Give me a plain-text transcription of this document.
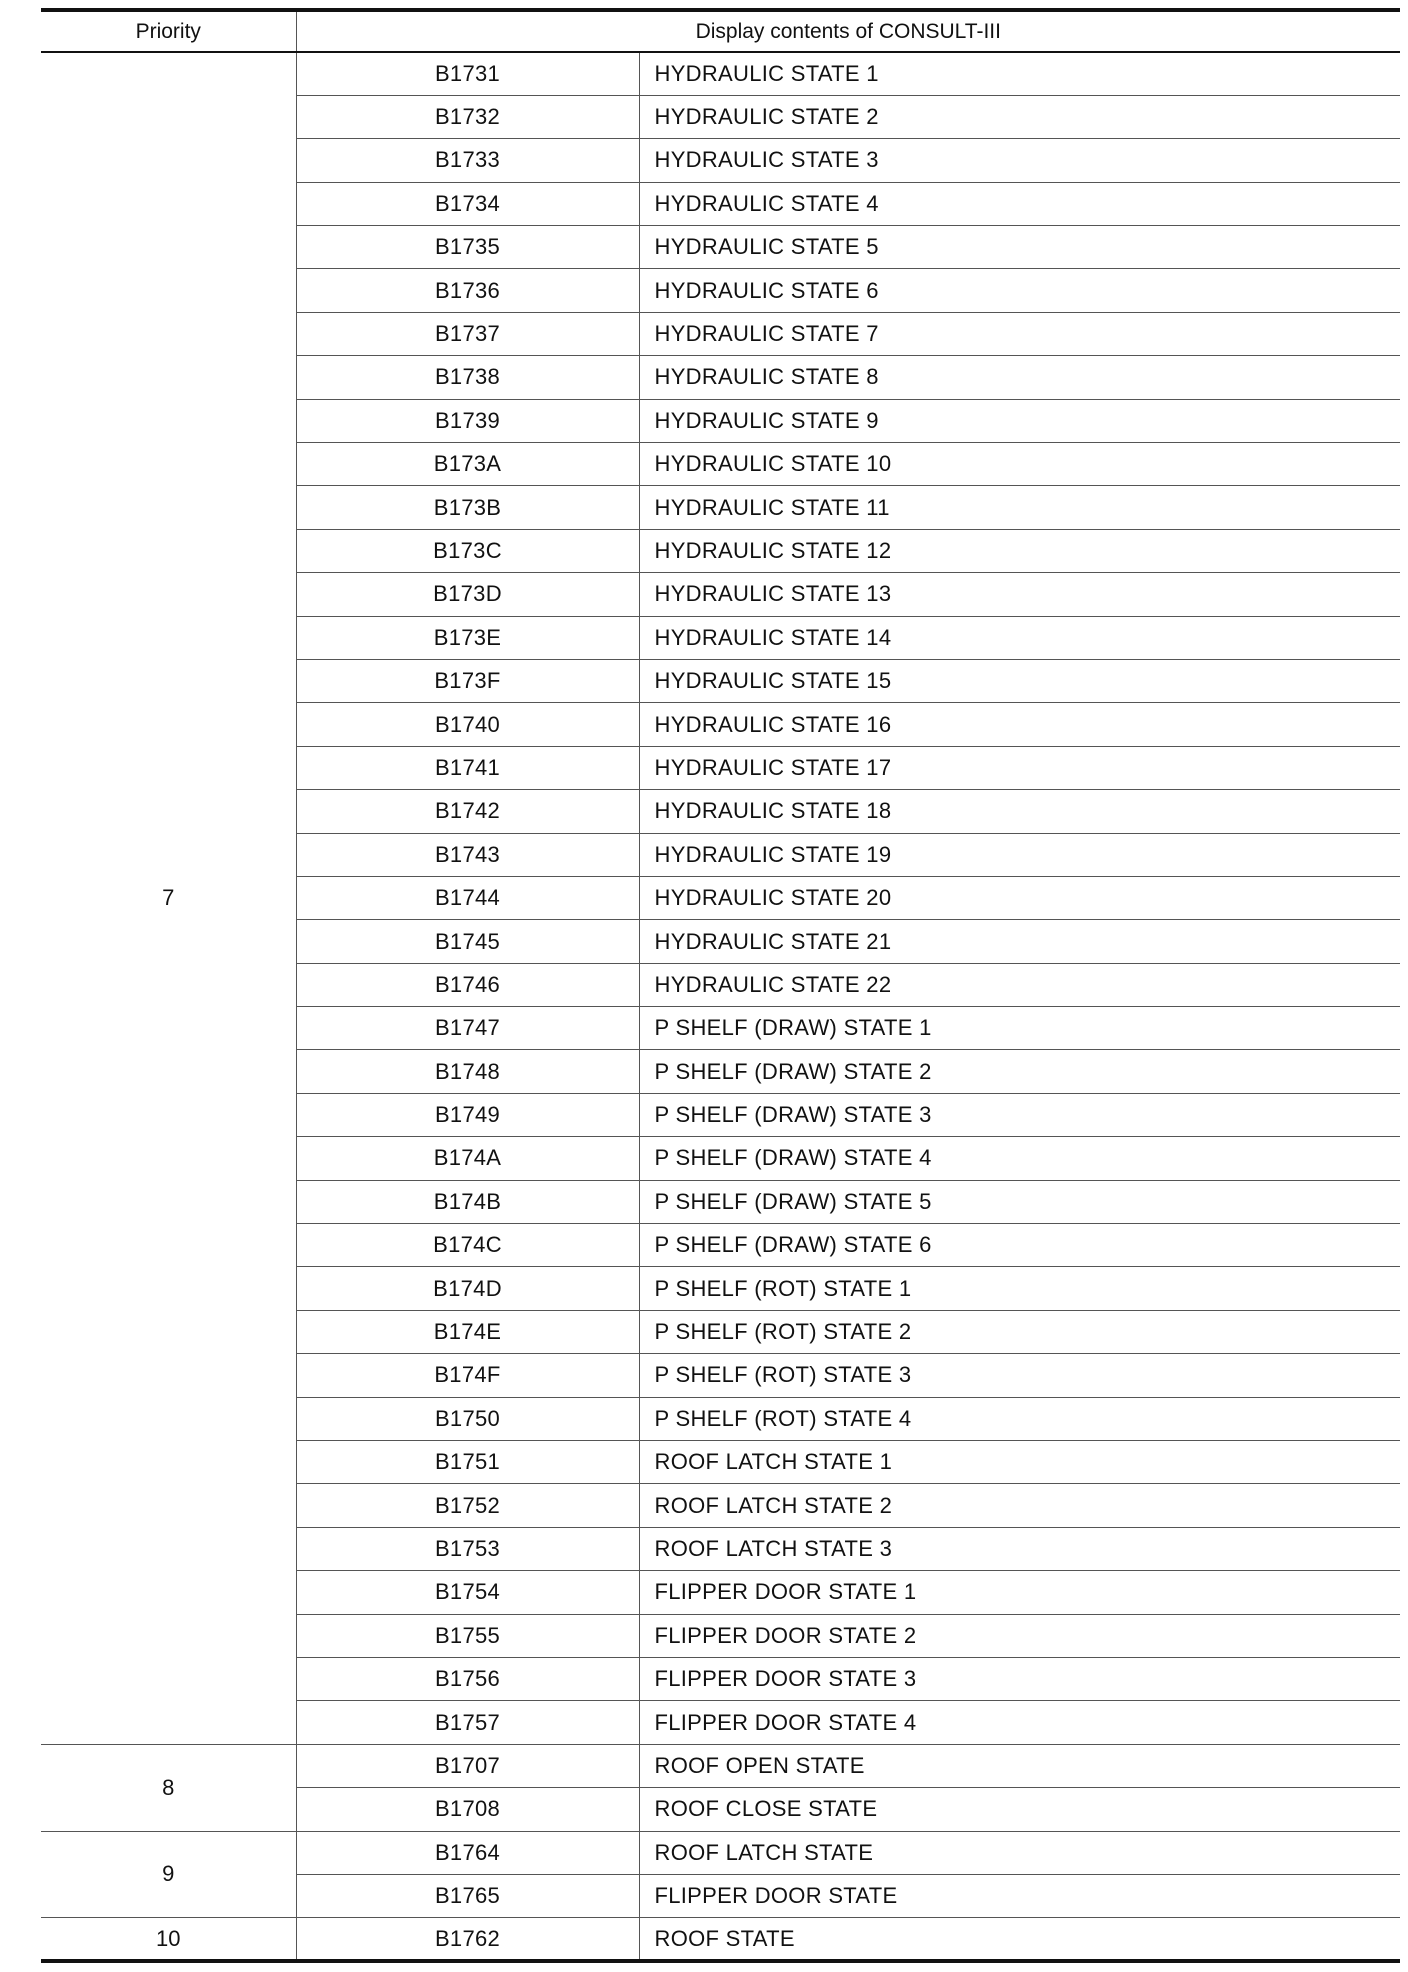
Priority	Display contents of CONSULT-III	
7	B1731	HYDRAULIC STATE 1
	B1732	HYDRAULIC STATE 2
	B1733	HYDRAULIC STATE 3
	B1734	HYDRAULIC STATE 4
	B1735	HYDRAULIC STATE 5
	B1736	HYDRAULIC STATE 6
	B1737	HYDRAULIC STATE 7
	B1738	HYDRAULIC STATE 8
	B1739	HYDRAULIC STATE 9
	B173A	HYDRAULIC STATE 10
	B173B	HYDRAULIC STATE 11
	B173C	HYDRAULIC STATE 12
	B173D	HYDRAULIC STATE 13
	B173E	HYDRAULIC STATE 14
	B173F	HYDRAULIC STATE 15
	B1740	HYDRAULIC STATE 16
	B1741	HYDRAULIC STATE 17
	B1742	HYDRAULIC STATE 18
	B1743	HYDRAULIC STATE 19
	B1744	HYDRAULIC STATE 20
	B1745	HYDRAULIC STATE 21
	B1746	HYDRAULIC STATE 22
	B1747	P SHELF (DRAW) STATE 1
	B1748	P SHELF (DRAW) STATE 2
	B1749	P SHELF (DRAW) STATE 3
	B174A	P SHELF (DRAW) STATE 4
	B174B	P SHELF (DRAW) STATE 5
	B174C	P SHELF (DRAW) STATE 6
	B174D	P SHELF (ROT) STATE 1
	B174E	P SHELF (ROT) STATE 2
	B174F	P SHELF (ROT) STATE 3
	B1750	P SHELF (ROT) STATE 4
	B1751	ROOF LATCH STATE 1
	B1752	ROOF LATCH STATE 2
	B1753	ROOF LATCH STATE 3
	B1754	FLIPPER DOOR STATE 1
	B1755	FLIPPER DOOR STATE 2
	B1756	FLIPPER DOOR STATE 3
	B1757	FLIPPER DOOR STATE 4
8	B1707	ROOF OPEN STATE
	B1708	ROOF CLOSE STATE
9	B1764	ROOF LATCH STATE
	B1765	FLIPPER DOOR STATE
10	B1762	ROOF STATE
